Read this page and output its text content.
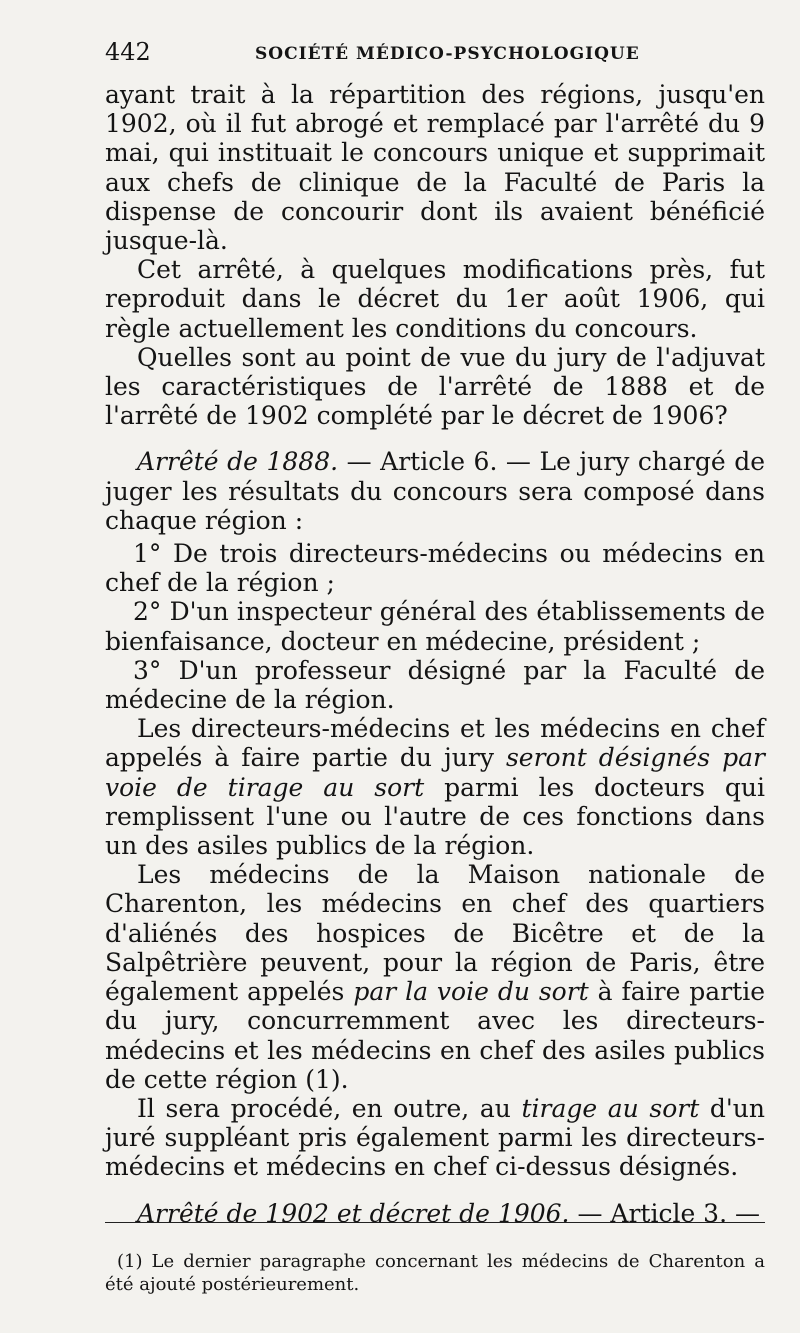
442	SOCIÉTÉ MÉDICO-PSYCHOLOGIQUE

ayant trait à la répartition des régions, jusqu'en 1902, où il fut abrogé et remplacé par l'arrêté du 9 mai, qui instituait le concours unique et supprimait aux chefs de clinique de la Faculté de Paris la dispense de concourir dont ils avaient bénéficié jusque-là.

Cet arrêté, à quelques modifications près, fut reproduit dans le décret du 1er août 1906, qui règle actuellement les conditions du concours.

Quelles sont au point de vue du jury de l'adjuvat les caractéristiques de l'arrêté de 1888 et de l'arrêté de 1902 complété par le décret de 1906?

Arrêté de 1888. — Article 6. — Le jury chargé de juger les résultats du concours sera composé dans chaque région :

1° De trois directeurs-médecins ou médecins en chef de la région ;

2° D'un inspecteur général des établissements de bienfaisance, docteur en médecine, président ;

3° D'un professeur désigné par la Faculté de médecine de la région.

Les directeurs-médecins et les médecins en chef appelés à faire partie du jury seront désignés par voie de tirage au sort parmi les docteurs qui remplissent l'une ou l'autre de ces fonctions dans un des asiles publics de la région.

Les médecins de la Maison nationale de Charenton, les médecins en chef des quartiers d'aliénés des hospices de Bicêtre et de la Salpêtrière peuvent, pour la région de Paris, être également appelés par la voie du sort à faire partie du jury, concurremment avec les directeurs-médecins et les médecins en chef des asiles publics de cette région (1).

Il sera procédé, en outre, au tirage au sort d'un juré suppléant pris également parmi les directeurs-médecins et médecins en chef ci-dessus désignés.

Arrêté de 1902 et décret de 1906. — Article 3. —

(1) Le dernier paragraphe concernant les médecins de Charenton a été ajouté postérieurement.
